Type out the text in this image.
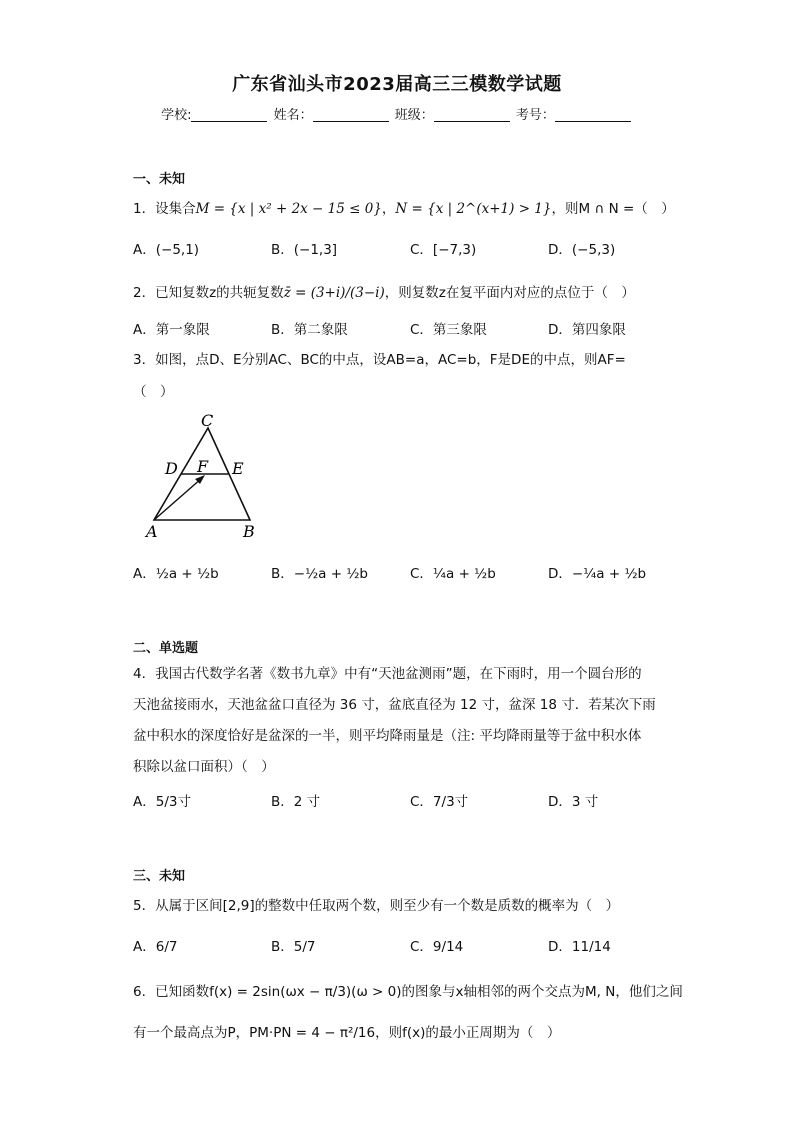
广东省汕头市2023届高三三模数学试题
学校:	姓名：	班级：	考号：
一、未知
1．设集合M = {x | x² + 2x − 15 ≤ 0}，N = {x | 2^(x+1) > 1}，则M ∩ N =（　）
A．(−5,1)	B．(−1,3]	C．[−7,3)	D．(−5,3)
2．已知复数z的共轭复数z̄ = (3+i)/(3−i)，则复数z在复平面内对应的点位于（　）
A．第一象限	B．第二象限	C．第三象限	D．第四象限
3．如图，点D、E分别AC、BC的中点，设AB=a，AC=b，F是DE的中点，则AF=
（　）
C
D F E
A	B
A．½a + ½b	B．−½a + ½b	C．¼a + ½b	D．−¼a + ½b
二、单选题
4．我国古代数学名著《数书九章》中有“天池盆测雨”题，在下雨时，用一个圆台形的
天池盆接雨水，天池盆盆口直径为 36 寸，盆底直径为 12 寸，盆深 18 寸．若某次下雨
盆中积水的深度恰好是盆深的一半，则平均降雨量是（注: 平均降雨量等于盆中积水体
积除以盆口面积）（　）
A．5/3寸	B．2 寸	C．7/3寸	D．3 寸
三、未知
5．从属于区间[2,9]的整数中任取两个数，则至少有一个数是质数的概率为（　）
A．6/7	B．5/7	C．9/14	D．11/14
6．已知函数f(x) = 2sin(ωx − π/3)(ω > 0)的图象与x轴相邻的两个交点为M, N，他们之间
有一个最高点为P，PM·PN = 4 − π²/16，则f(x)的最小正周期为（　）
